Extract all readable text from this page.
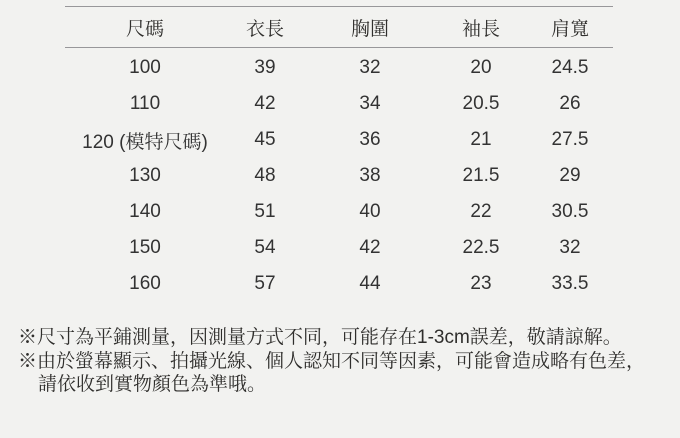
尺碼	衣長	胸圍	袖長	肩寬
100	39	32	20	24.5
110	42	34	20.5	26
120 (模特尺碼)	45	36	21	27.5
130	48	38	21.5	29
140	51	40	22	30.5
150	54	42	22.5	32
160	57	44	23	33.5

※尺寸為平鋪測量，因測量方式不同，可能存在1-3cm誤差，敬請諒解。

※由於螢幕顯示、拍攝光線、個人認知不同等因素，可能會造成略有色差，

請依收到實物顏色為準哦。
